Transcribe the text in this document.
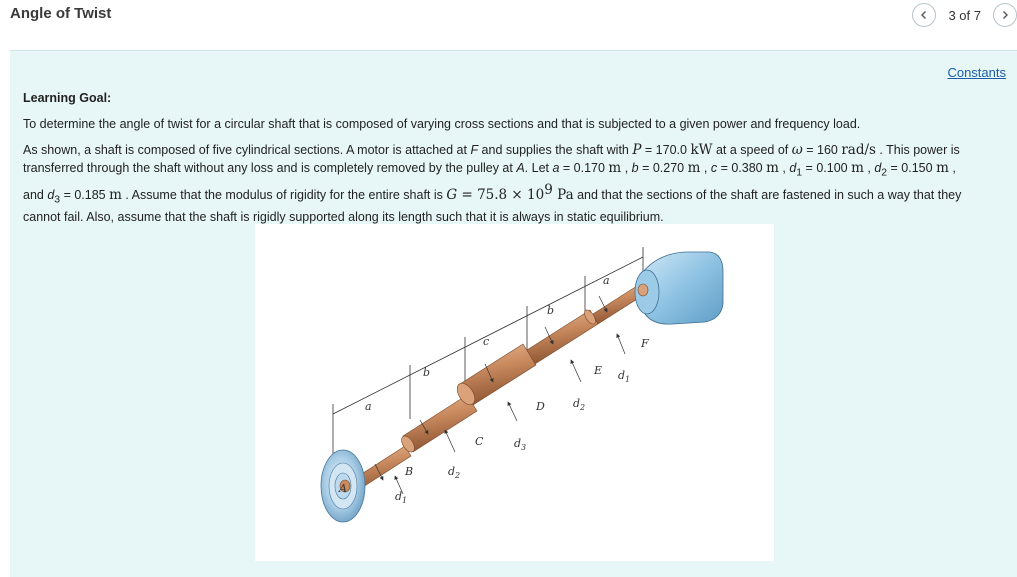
Angle of Twist	3 of 7
Constants
Learning Goal:
To determine the angle of twist for a circular shaft that is composed of varying cross sections and that is subjected to a given power and frequency load.
As shown, a shaft is composed of five cylindrical sections. A motor is attached at F and supplies the shaft with P = 170.0 kW at a speed of ω = 160 rad/s . This power is
transferred through the shaft without any loss and is completely removed by the pulley at A. Let a = 0.170 m , b = 0.270 m , c = 0.380 m , $d_1 = 0.100$ m , $d_2 = 0.150$ m ,
and $d_3 = 0.185$ m . Assume that the modulus of rigidity for the entire shaft is $G = 75.8 \times 10^9$ Pa and that the sections of the shaft are fastened in such a way that they
cannot fail. Also, assume that the shaft is rigidly supported along its length such that it is always in static equilibrium.
a
b
c
b
a
A
B
C
D
E
F
$d_1$
$d_2$
$d_3$
$d_2$
$d_1$
